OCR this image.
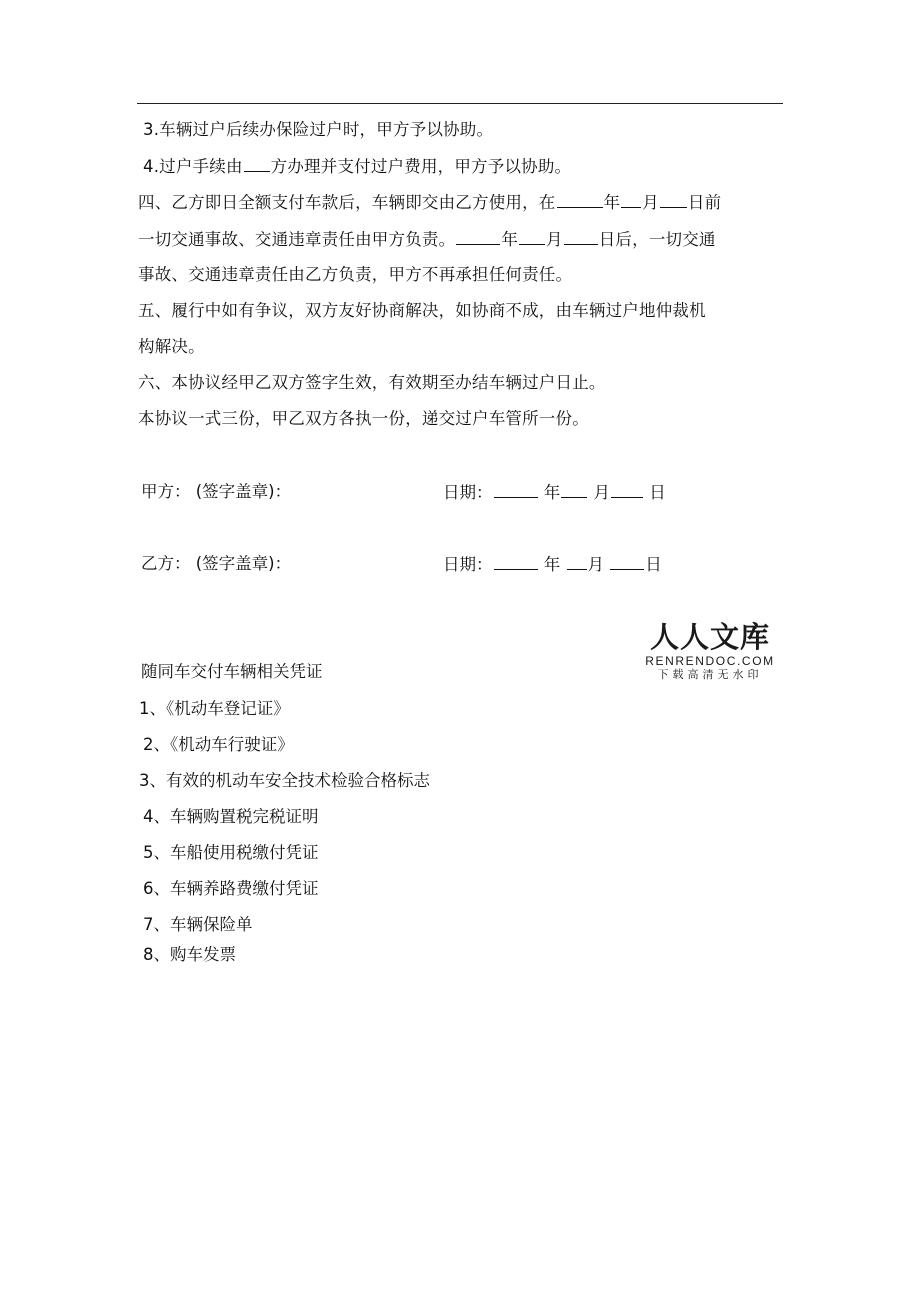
3.车辆过户后续办保险过户时，甲方予以协助。
4.过户手续由 方办理并支付过户费用，甲方予以协助。
四、乙方即日全额支付车款后，车辆即交由乙方使用，在	年 月 日前
一切交通事故、交通违章责任由甲方负责。	年 月 日后，一切交通
事故、交通违章责任由乙方负责，甲方不再承担任何责任。
五、履行中如有争议，双方友好协商解决，如协商不成，由车辆过户地仲裁机
构解决。
六、本协议经甲乙双方签字生效，有效期至办结车辆过户日止。
本协议一式三份，甲乙双方各执一份，递交过户车管所一份。
甲方： (签字盖章)：	日期：	年 月 日
乙方： (签字盖章)：	日期：	年 月	日
人人文库
RENRENDOC.COM
下载高清无水印
随同车交付车辆相关凭证
1、《机动车登记证》
2、《机动车行驶证》
3、有效的机动车安全技术检验合格标志
4、车辆购置税完税证明
5、车船使用税缴付凭证
6、车辆养路费缴付凭证
7、车辆保险单
8、购车发票
